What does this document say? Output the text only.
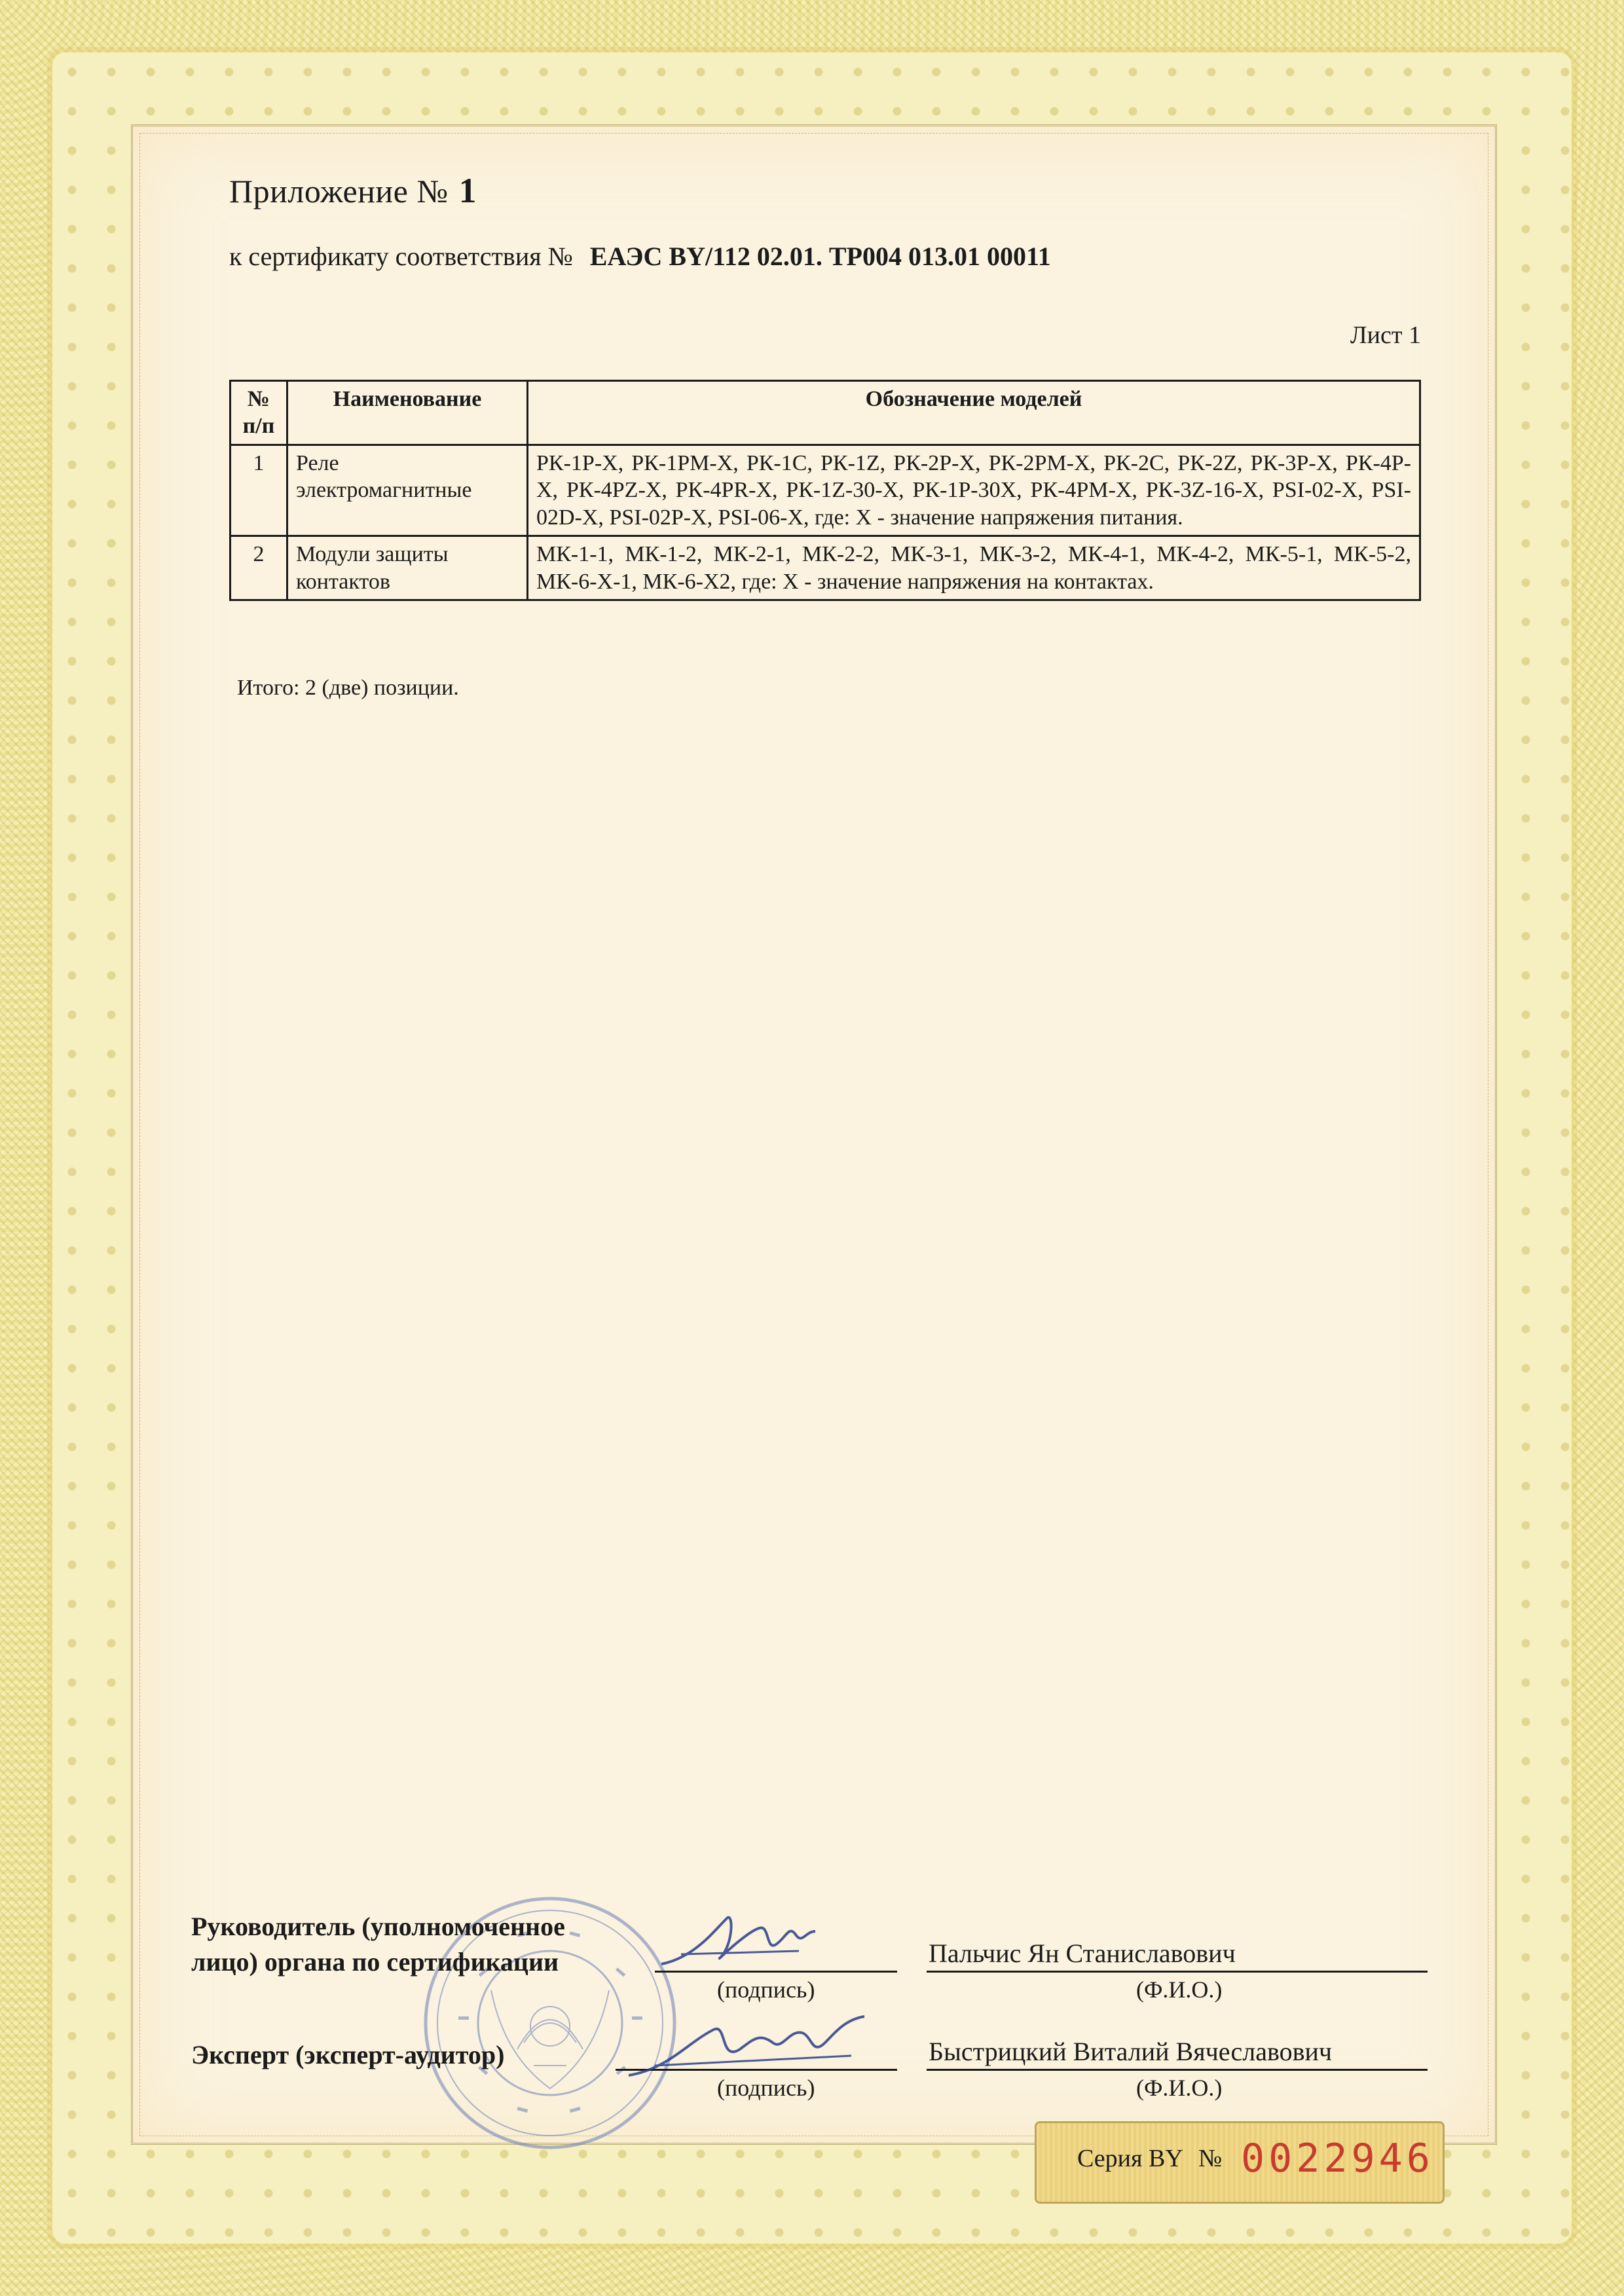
Приложение № 1
к сертификату соответствия № ЕАЭС BY/112 02.01. ТР004 013.01 00011
Лист 1
№ п/п	Наименование	Обозначение моделей
1	Реле электромагнитные	РК-1Р-Х, РК-1РМ-Х, РК-1С, РК-1Z, РК-2Р-Х, РК-2РМ-Х, РК-2С, РК-2Z, РК-3Р-Х, РК-4Р-Х, РК-4PZ-Х, РК-4PR-Х, РК-1Z-30-Х, РК-1Р-30Х, РК-4РМ-Х, РК-3Z-16-Х, PSI-02-Х, PSI-02D-Х, PSI-02Р-Х, PSI-06-Х, где: Х - значение напряжения питания.
2	Модули защиты контактов	МК-1-1, МК-1-2, МК-2-1, МК-2-2, МК-3-1, МК-3-2, МК-4-1, МК-4-2, МК-5-1, МК-5-2, МК-6-Х-1, МК-6-Х2, где: Х - значение напряжения на контактах.
Итого: 2 (две) позиции.
Руководитель (уполномоченное
лицо) органа по сертификации
(подпись)
Пальчис Ян Станиславович
(Ф.И.О.)
Эксперт (эксперт-аудитор)
(подпись)
Быстрицкий Виталий Вячеславович
(Ф.И.О.)
Серия BY № 0022946
